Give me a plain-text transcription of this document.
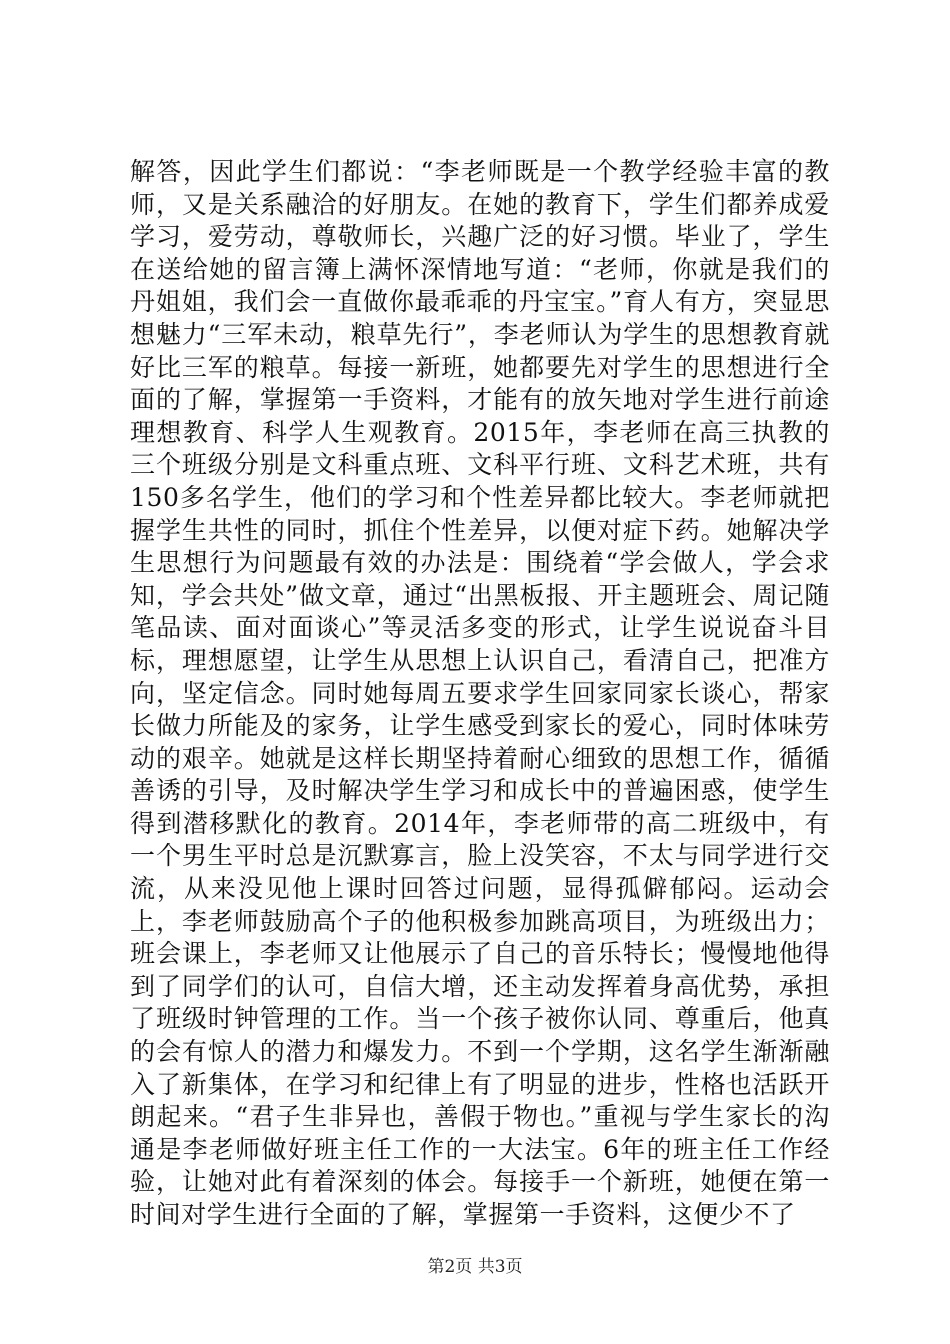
解答，因此学生们都说：“李老师既是一个教学经验丰富的教师，又是关系融洽的好朋友。在她的教育下，学生们都养成爱学习，爱劳动，尊敬师长，兴趣广泛的好习惯。毕业了，学生在送给她的留言簿上满怀深情地写道：“老师，你就是我们的丹姐姐，我们会一直做你最乖乖的丹宝宝。”育人有方，突显思想魅力“三军未动，粮草先行”，李老师认为学生的思想教育就好比三军的粮草。每接一新班，她都要先对学生的思想进行全面的了解，掌握第一手资料，才能有的放矢地对学生进行前途理想教育、科学人生观教育。2015年，李老师在高三执教的三个班级分别是文科重点班、文科平行班、文科艺术班，共有150多名学生，他们的学习和个性差异都比较大。李老师就把握学生共性的同时，抓住个性差异，以便对症下药。她解决学生思想行为问题最有效的办法是：围绕着“学会做人，学会求知，学会共处”做文章，通过“出黑板报、开主题班会、周记随笔品读、面对面谈心”等灵活多变的形式，让学生说说奋斗目标，理想愿望，让学生从思想上认识自己，看清自己，把准方向，坚定信念。同时她每周五要求学生回家同家长谈心，帮家长做力所能及的家务，让学生感受到家长的爱心，同时体味劳动的艰辛。她就是这样长期坚持着耐心细致的思想工作，循循善诱的引导，及时解决学生学习和成长中的普遍困惑，使学生得到潜移默化的教育。2014年，李老师带的高二班级中，有一个男生平时总是沉默寡言，脸上没笑容，不太与同学进行交流，从来没见他上课时回答过问题，显得孤僻郁闷。运动会上，李老师鼓励高个子的他积极参加跳高项目，为班级出力；班会课上，李老师又让他展示了自己的音乐特长；慢慢地他得到了同学们的认可，自信大增，还主动发挥着身高优势，承担了班级时钟管理的工作。当一个孩子被你认同、尊重后，他真的会有惊人的潜力和爆发力。不到一个学期，这名学生渐渐融入了新集体，在学习和纪律上有了明显的进步，性格也活跃开朗起来。“君子生非异也，善假于物也。”重视与学生家长的沟通是李老师做好班主任工作的一大法宝。6年的班主任工作经验，让她对此有着深刻的体会。每接手一个新班，她便在第一时间对学生进行全面的了解，掌握第一手资料，这便少不了

第2页 共3页
